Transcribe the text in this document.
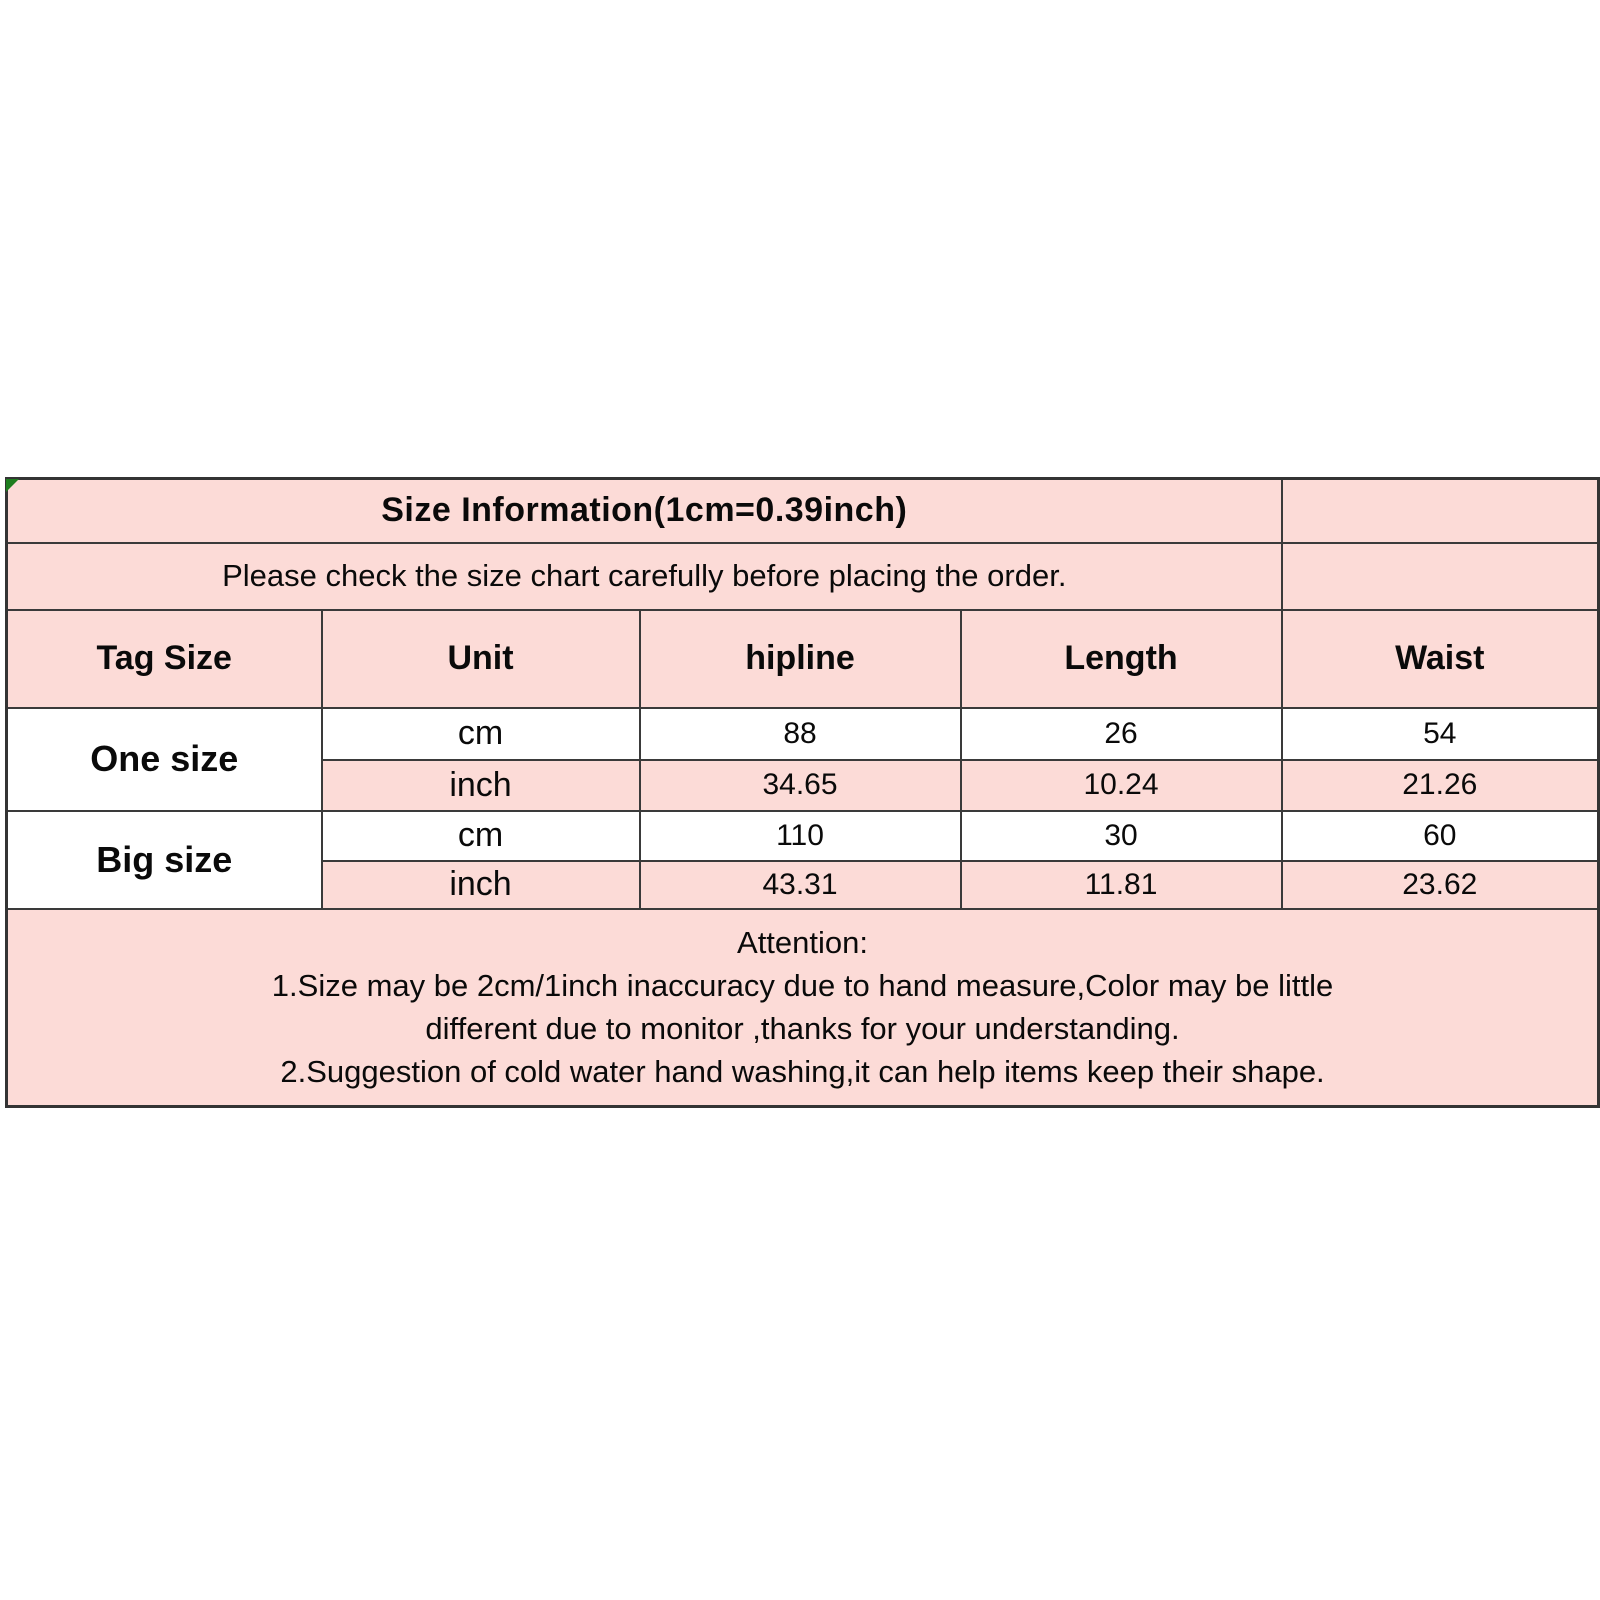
Size Information(1cm=0.39inch)				
Please check the size chart carefully before placing the order.				
Tag Size	Unit	hipline	Length	Waist
One size	cm	88	26	54
	inch	34.65	10.24	21.26
Big size	cm	110	30	60
	inch	43.31	11.81	23.62

Attention:
1.Size may be 2cm/1inch inaccuracy due to hand measure,Color may be little
different due to monitor ,thanks for your understanding.
2.Suggestion of cold water hand washing,it can help items keep their shape.				
